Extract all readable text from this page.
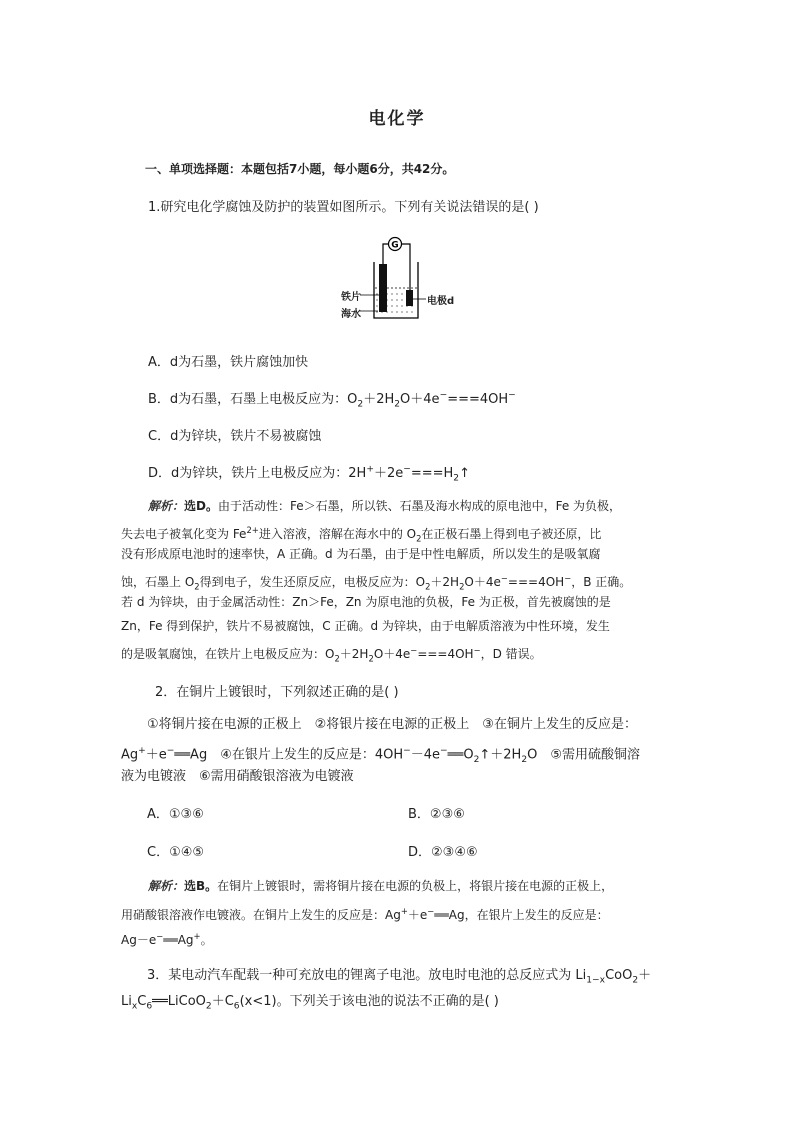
电化学
一、单项选择题：本题包括7小题，每小题6分，共42分。
1.研究电化学腐蚀及防护的装置如图所示。下列有关说法错误的是( )
G
铁片
海水
电极d
A．d为石墨，铁片腐蚀加快
B．d为石墨，石墨上电极反应为：$O_2+2H_2O+4e^-===4OH^-$
C．d为锌块，铁片不易被腐蚀
D．d为锌块，铁片上电极反应为：$2H^++2e^-===H_2↑$
解析：选D。由于活动性：Fe＞石墨，所以铁、石墨及海水构成的原电池中，Fe 为负极，
失去电子被氧化变为 $Fe^{2+}$进入溶液，溶解在海水中的 $O_2$在正极石墨上得到电子被还原，比
没有形成原电池时的速率快，A 正确。d 为石墨，由于是中性电解质，所以发生的是吸氧腐
蚀，石墨上 $O_2$得到电子，发生还原反应，电极反应为：$O_2+2H_2O+4e^-===4OH^-$，B 正确。
若 d 为锌块，由于金属活动性：Zn＞Fe，Zn 为原电池的负极，Fe 为正极，首先被腐蚀的是
Zn，Fe 得到保护，铁片不易被腐蚀，C 正确。d 为锌块，由于电解质溶液为中性环境，发生
的是吸氧腐蚀，在铁片上电极反应为：$O_2+2H_2O+4e^-===4OH^-$，D 错误。
2．在铜片上镀银时，下列叙述正确的是( )
①将铜片接在电源的正极上　②将银片接在电源的正极上　③在铜片上发生的反应是：
Ag+＋e−══Ag　④在银片上发生的反应是：$4OH^--4e^-══O_2↑+2H_2O$　⑤需用硫酸铜溶
液为电镀液　⑥需用硝酸银溶液为电镀液
A．①③⑥	B．②③⑥
C．①④⑤	D．②③④⑥
解析：选B。在铜片上镀银时，需将铜片接在电源的负极上，将银片接在电源的正极上，
用硝酸银溶液作电镀液。在铜片上发生的反应是：Ag+＋e−══Ag，在银片上发生的反应是：
Ag－e−══Ag+。
3．某电动汽车配载一种可充放电的锂离子电池。放电时电池的总反应式为 $Li_{1-x}CoO_2+$
$Li_xC_6══LiCoO_2+C_6(x<1)$。下列关于该电池的说法不正确的是( )
